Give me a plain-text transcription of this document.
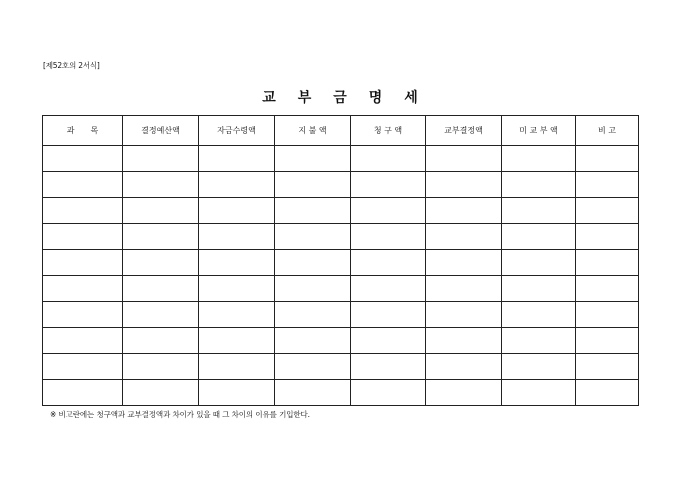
[제52호의 2서식]
교부금명세
과　　목	결정예산액	자금수령액	지 불 액	청 구 액	교부결정액	미 교 부 액	비 고

※ 비고란에는 청구액과 교부결정액과 차이가 있을 때 그 차이의 이유를 기입한다.
